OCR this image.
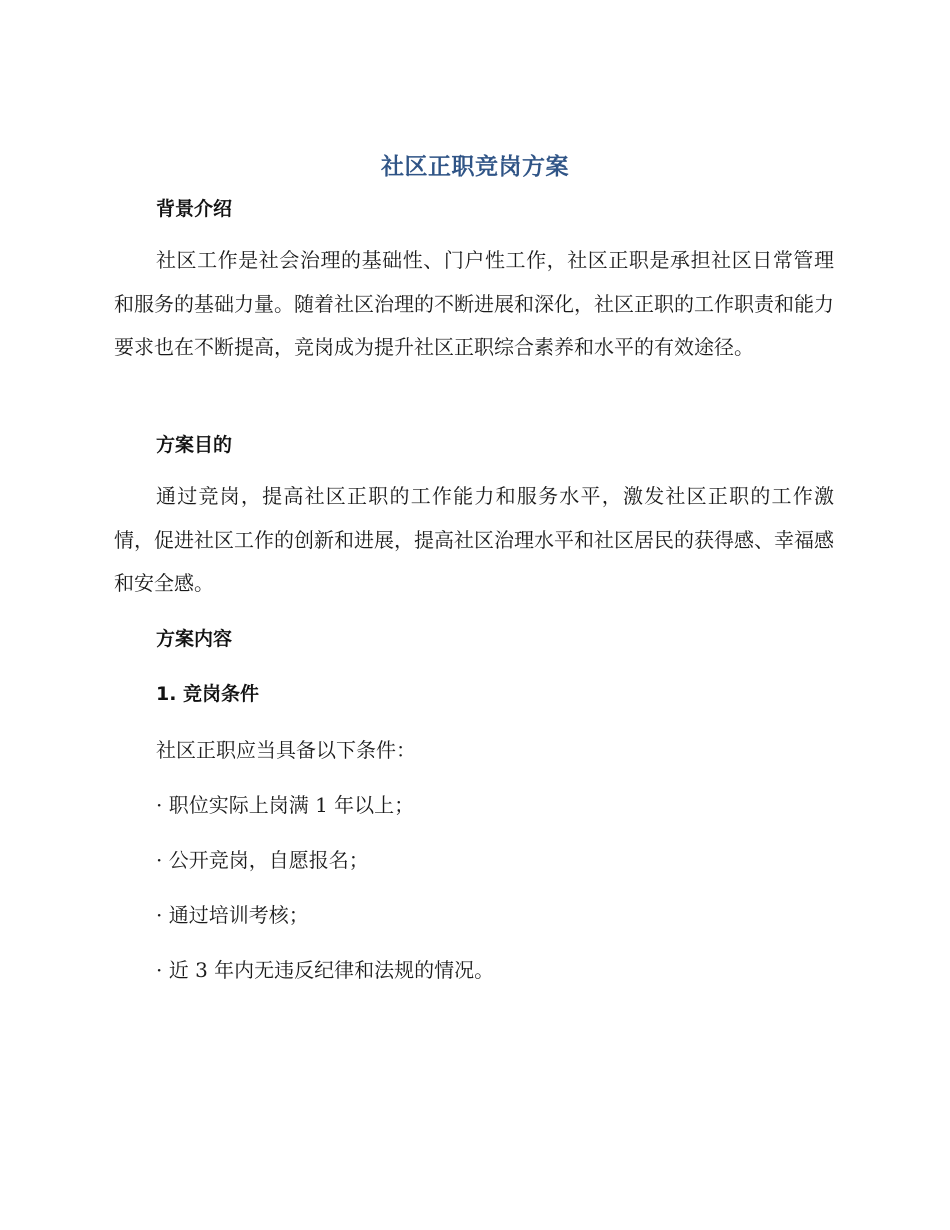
社区正职竞岗方案
背景介绍
社区工作是社会治理的基础性、门户性工作，社区正职是承担社区日常管理和服务的基础力量。随着社区治理的不断进展和深化，社区正职的工作职责和能力要求也在不断提高，竞岗成为提升社区正职综合素养和水平的有效途径。
方案目的
通过竞岗，提高社区正职的工作能力和服务水平，激发社区正职的工作激情，促进社区工作的创新和进展，提高社区治理水平和社区居民的获得感、幸福感和安全感。
方案内容
1. 竞岗条件
社区正职应当具备以下条件：
· 职位实际上岗满 1 年以上；
· 公开竞岗，自愿报名；
· 通过培训考核；
· 近 3 年内无违反纪律和法规的情况。
